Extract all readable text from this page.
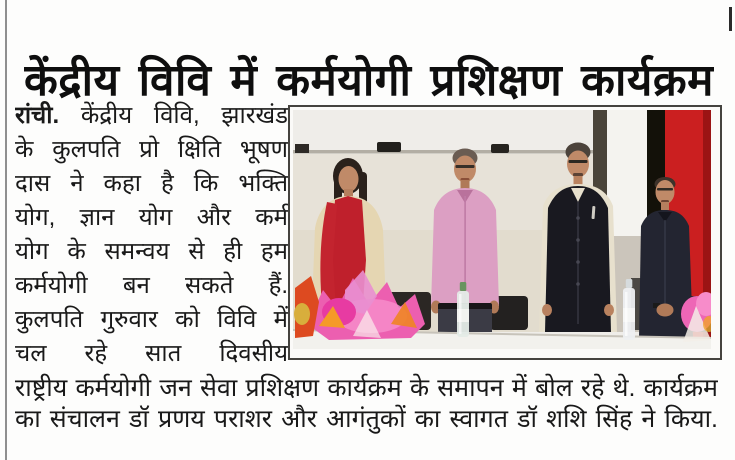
केंद्रीय विवि में कर्मयोगी प्रशिक्षण कार्यक्रम
रांची. केंद्रीय विवि, झारखंड
के कुलपति प्रो क्षिति भूषण
दास ने कहा है कि भक्ति
योग, ज्ञान योग और कर्म
योग के समन्वय से ही हम
कर्मयोगी बन सकते हैं.
कुलपति गुरुवार को विवि में
चल रहे सात दिवसीय
राष्ट्रीय कर्मयोगी जन सेवा प्रशिक्षण कार्यक्रम के समापन में बोल रहे थे. कार्यक्रम
का संचालन डॉ प्रणय पराशर और आगंतुकों का स्वागत डॉ शशि सिंह ने किया.
